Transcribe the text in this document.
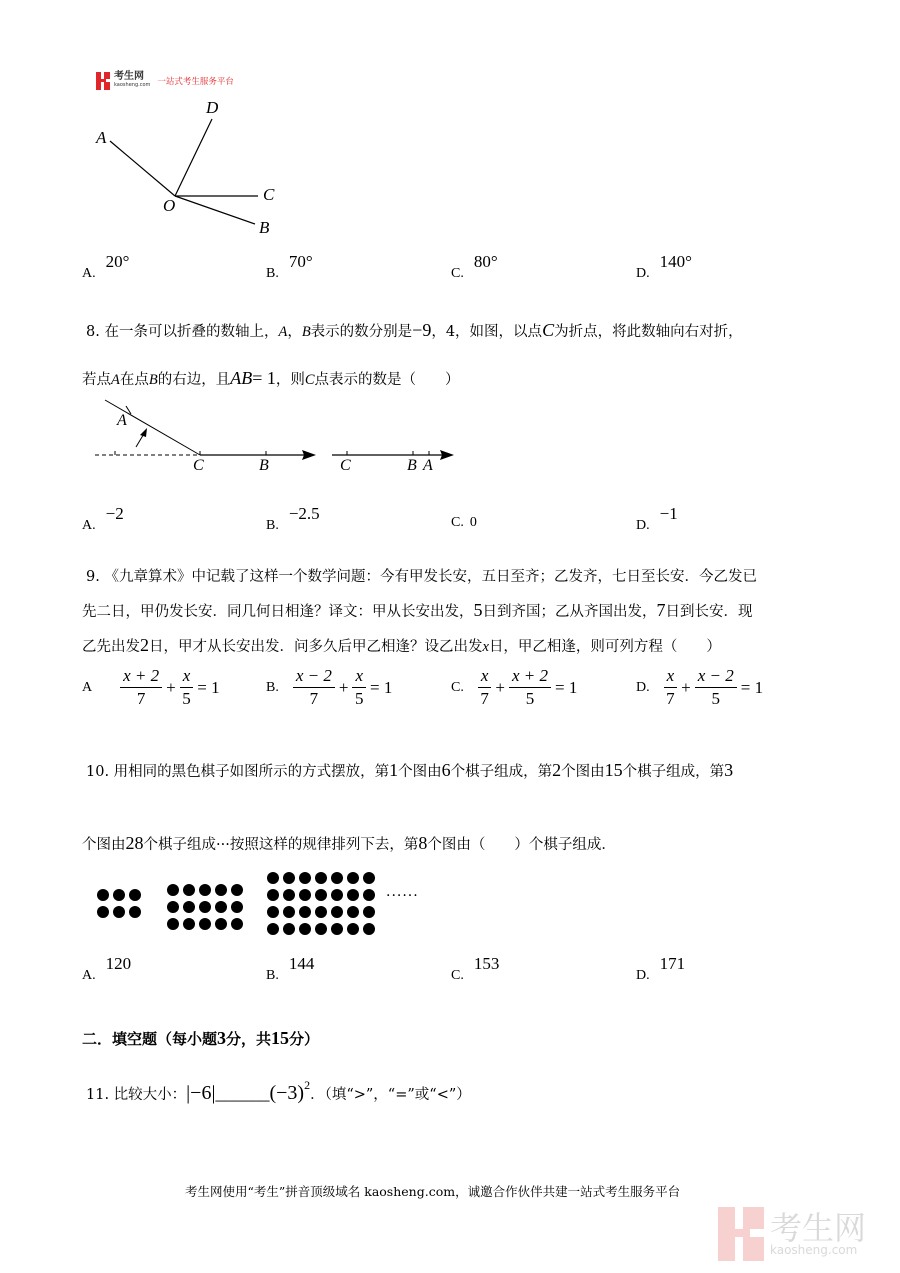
考生网
kaosheng.com 一站式考生服务平台
D
A
C
O
B
A.20°
B.70°
C.80°
D.140°
8. 在一条可以折叠的数轴上，A，B表示的数分别是−9，4，如图，以点C为折点，将此数轴向右对折，
若点A在点B的右边，且AB= 1，则C点表示的数是（　　）
A
C	B	C	B A
A.−2
B.−2.5	C. 0	D.−1
9. 《九章算术》中记载了这样一个数学问题：今有甲发长安，五日至齐；乙发齐，七日至长安．今乙发已
先二日，甲仍发长安．同几何日相逢？译文：甲从长安出发，5日到齐国；乙从齐国出发，7日到长安．现
乙先出发2日，甲才从长安出发．问多久后甲乙相逢？设乙出发x日，甲乙相逢，则可列方程（　　）
A $\frac{x + 2}{7} + \frac{x}{5} = 1$	B. $\frac{x - 2}{7} + \frac{x}{5} = 1$	C. $\frac{x}{7} + \frac{x + 2}{5} = 1$	D. $\frac{x}{7} + \frac{x - 2}{5} = 1$
10. 用相同的黑色棋子如图所示的方式摆放，第1个图由6个棋子组成，第2个图由15个棋子组成，第3
个图由28个棋子组成···按照这样的规律排列下去，第8个图由（　　）个棋子组成．
......
A.120
B.144
C.153
D.171
二．填空题（每小题3分，共15分）
11. 比较大小： |−6| ______ $(-3)^2$
．（填“>”，“=”或“<”）
考生网使用“考生”拼音顶级域名 kaosheng.com，诚邀合作伙伴共建一站式考生服务平台
考生网
kaosheng.com
